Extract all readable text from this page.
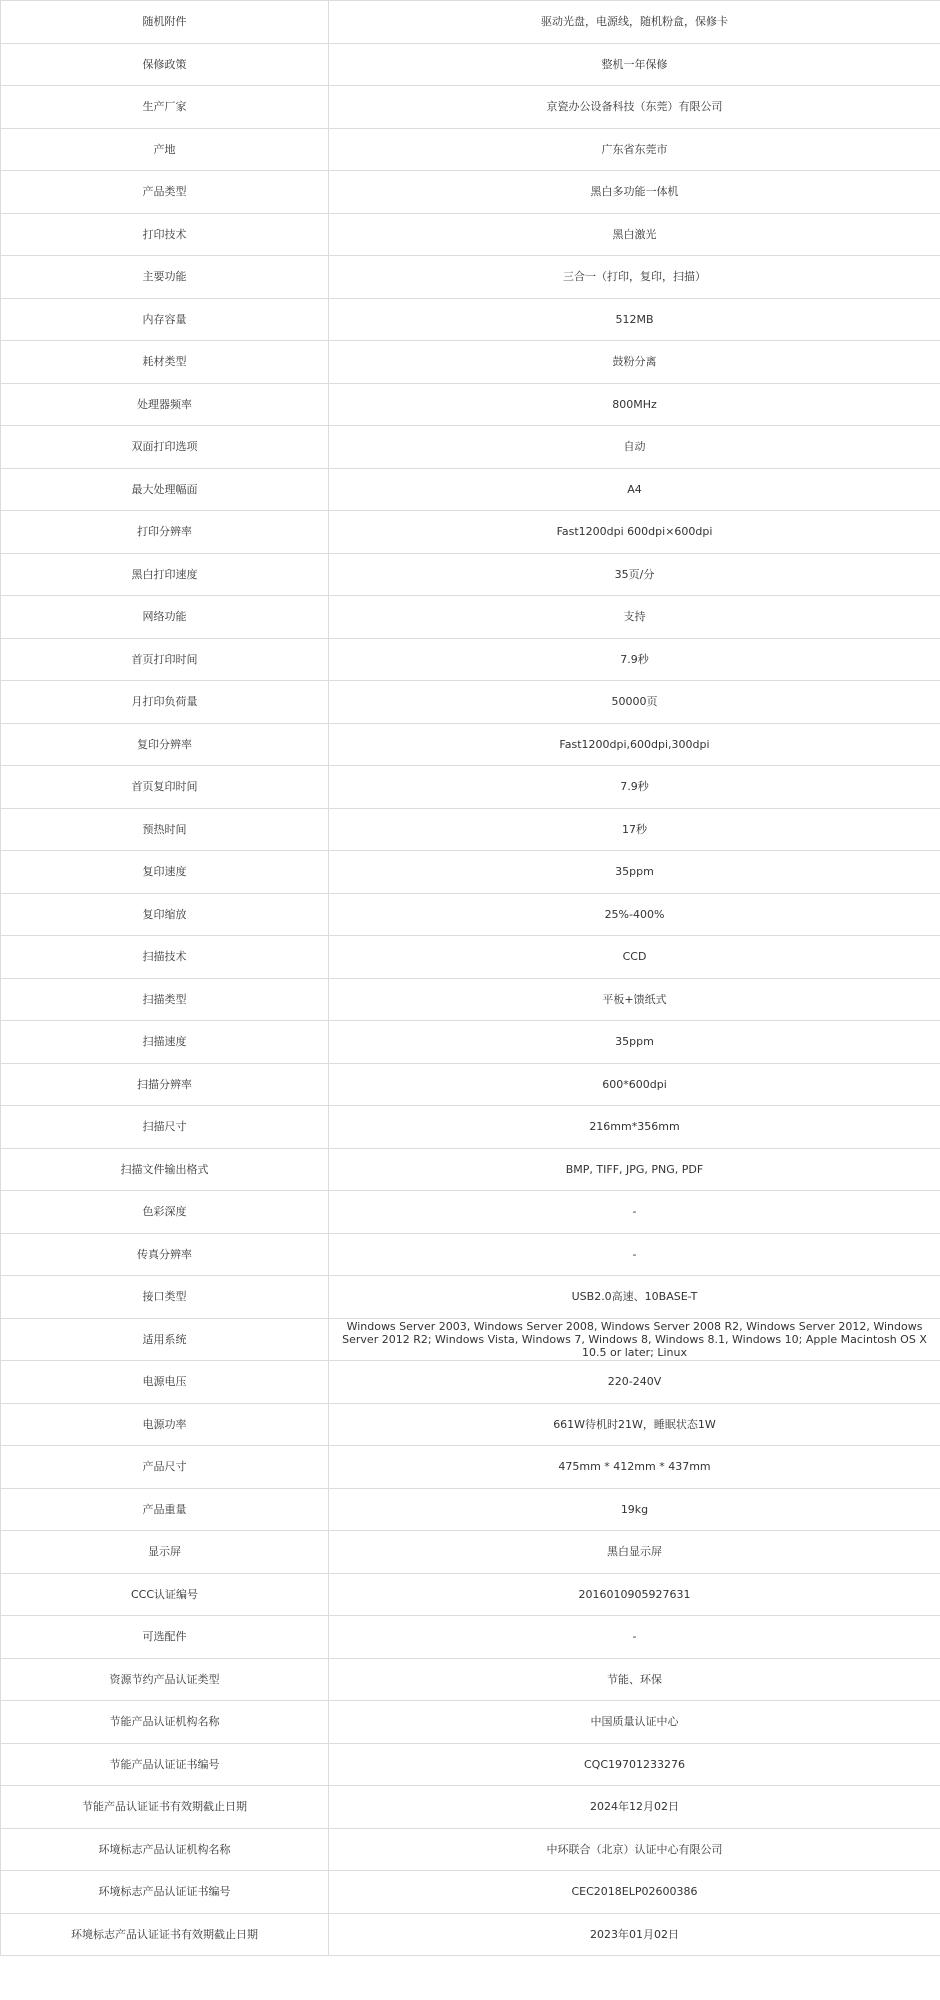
随机附件	驱动光盘，电源线，随机粉盒，保修卡
保修政策	整机一年保修
生产厂家	京瓷办公设备科技（东莞）有限公司
产地	广东省东莞市
产品类型	黑白多功能一体机
打印技术	黑白激光
主要功能	三合一（打印，复印，扫描）
内存容量	512MB
耗材类型	鼓粉分离
处理器频率	800MHz
双面打印选项	自动
最大处理幅面	A4
打印分辨率	Fast1200dpi 600dpi×600dpi
黑白打印速度	35页/分
网络功能	支持
首页打印时间	7.9秒
月打印负荷量	50000页
复印分辨率	Fast1200dpi,600dpi,300dpi
首页复印时间	7.9秒
预热时间	17秒
复印速度	35ppm
复印缩放	25%-400%
扫描技术	CCD
扫描类型	平板+馈纸式
扫描速度	35ppm
扫描分辨率	600*600dpi
扫描尺寸	216mm*356mm
扫描文件输出格式	BMP, TIFF, JPG, PNG, PDF
色彩深度	-
传真分辨率	-
接口类型	USB2.0高速、10BASE-T
适用系统	Windows Server 2003, Windows Server 2008, Windows Server 2008 R2, Windows Server 2012, Windows Server 2012 R2; Windows Vista, Windows 7, Windows 8, Windows 8.1, Windows 10; Apple Macintosh OS X 10.5 or later; Linux
电源电压	220-240V
电源功率	661W待机时21W，睡眠状态1W
产品尺寸	475mm * 412mm * 437mm
产品重量	19kg
显示屏	黑白显示屏
CCC认证编号	2016010905927631
可选配件	-
资源节约产品认证类型	节能、环保
节能产品认证机构名称	中国质量认证中心
节能产品认证证书编号	CQC19701233276
节能产品认证证书有效期截止日期	2024年12月02日
环境标志产品认证机构名称	中环联合（北京）认证中心有限公司
环境标志产品认证证书编号	CEC2018ELP02600386
环境标志产品认证证书有效期截止日期	2023年01月02日
